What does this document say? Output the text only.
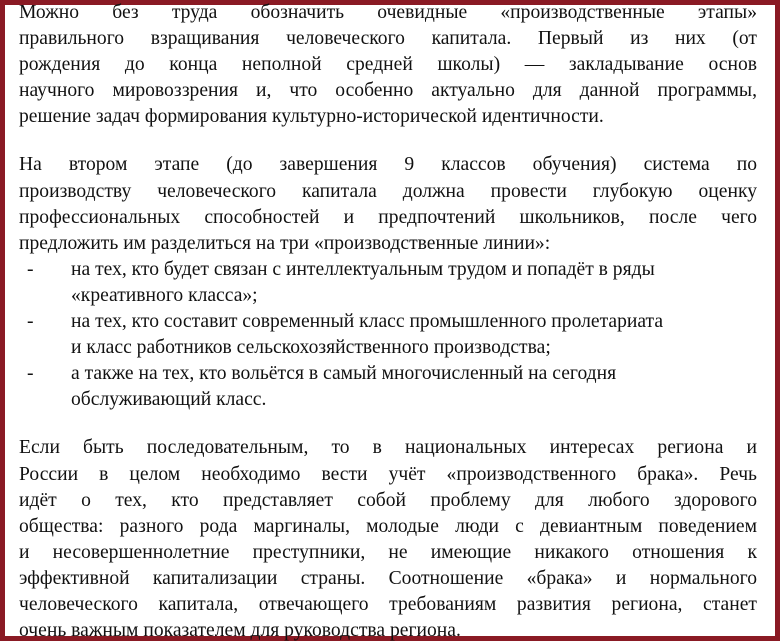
Можно без труда обозначить очевидные «производственные этапы»
правильного взращивания человеческого капитала. Первый из них (от
рождения до конца неполной средней школы) — закладывание основ
научного мировоззрения и, что особенно актуально для данной программы,
решение задач формирования культурно-исторической идентичности.

На втором этапе (до завершения 9 классов обучения) система по
производству человеческого капитала должна провести глубокую оценку
профессиональных способностей и предпочтений школьников, после чего
предложить им разделиться на три «производственные линии»:

- на тех, кто будет связан с интеллектуальным трудом и попадёт в ряды
«креативного класса»;
- на тех, кто составит современный класс промышленного пролетариата
и класс работников сельскохозяйственного производства;
- а также на тех, кто вольётся в самый многочисленный на сегодня
обслуживающий класс.

Если быть последовательным, то в национальных интересах региона и
России в целом необходимо вести учёт «производственного брака». Речь
идёт о тех, кто представляет собой проблему для любого здорового
общества: разного рода маргиналы, молодые люди с девиантным поведением
и несовершеннолетние преступники, не имеющие никакого отношения к
эффективной капитализации страны. Соотношение «брака» и нормального
человеческого капитала, отвечающего требованиям развития региона, станет
очень важным показателем для руководства региона.
